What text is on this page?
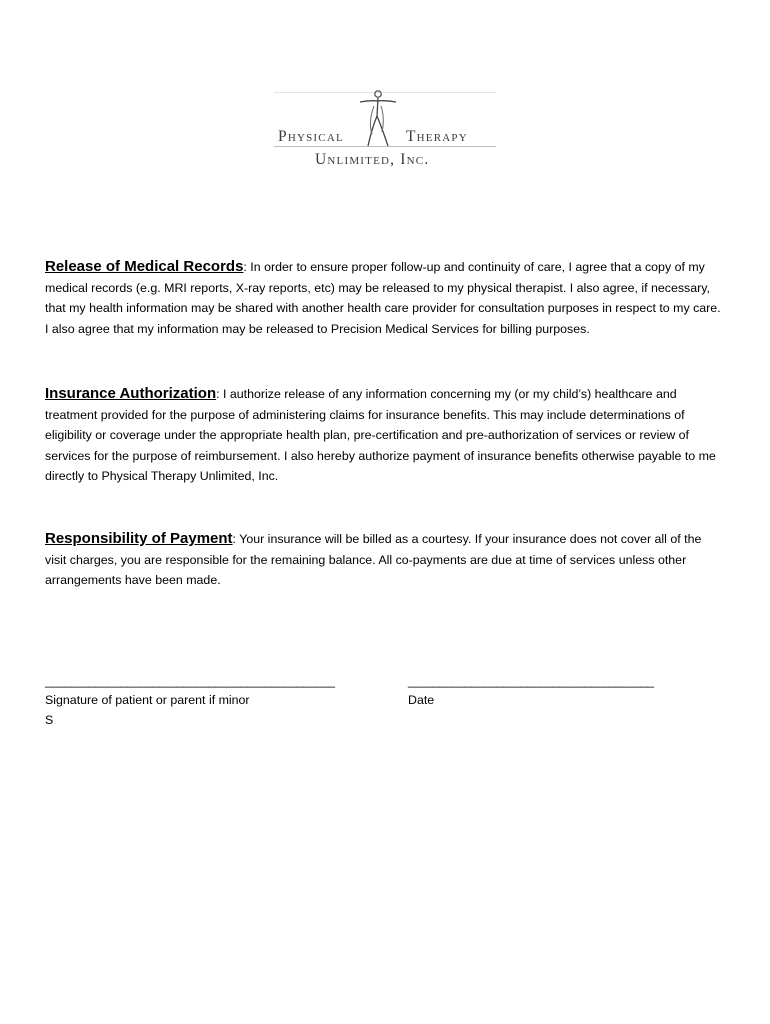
Physical	Therapy
Unlimited, Inc.
Release of Medical Records: In order to ensure proper follow-up and continuity of care, I agree that a copy of my medical records (e.g. MRI reports, X-ray reports, etc) may be released to my physical therapist. I also agree, if necessary, that my health information may be shared with another health care provider for consultation purposes in respect to my care. I also agree that my information may be released to Precision Medical Services for billing purposes.
Insurance Authorization: I authorize release of any information concerning my (or my child’s) healthcare and treatment provided for the purpose of administering claims for insurance benefits. This may include determinations of eligibility or coverage under the appropriate health plan, pre-certification and pre-authorization of services or review of services for the purpose of reimbursement. I also hereby authorize payment of insurance benefits otherwise payable to me directly to Physical Therapy Unlimited, Inc.
Responsibility of Payment: Your insurance will be billed as a courtesy. If your insurance does not cover all of the visit charges, you are responsible for the remaining balance. All co-payments are due at time of services unless other arrangements have been made.
______________________________________________	_______________________________________
Signature of patient or parent if minor	Date
S
